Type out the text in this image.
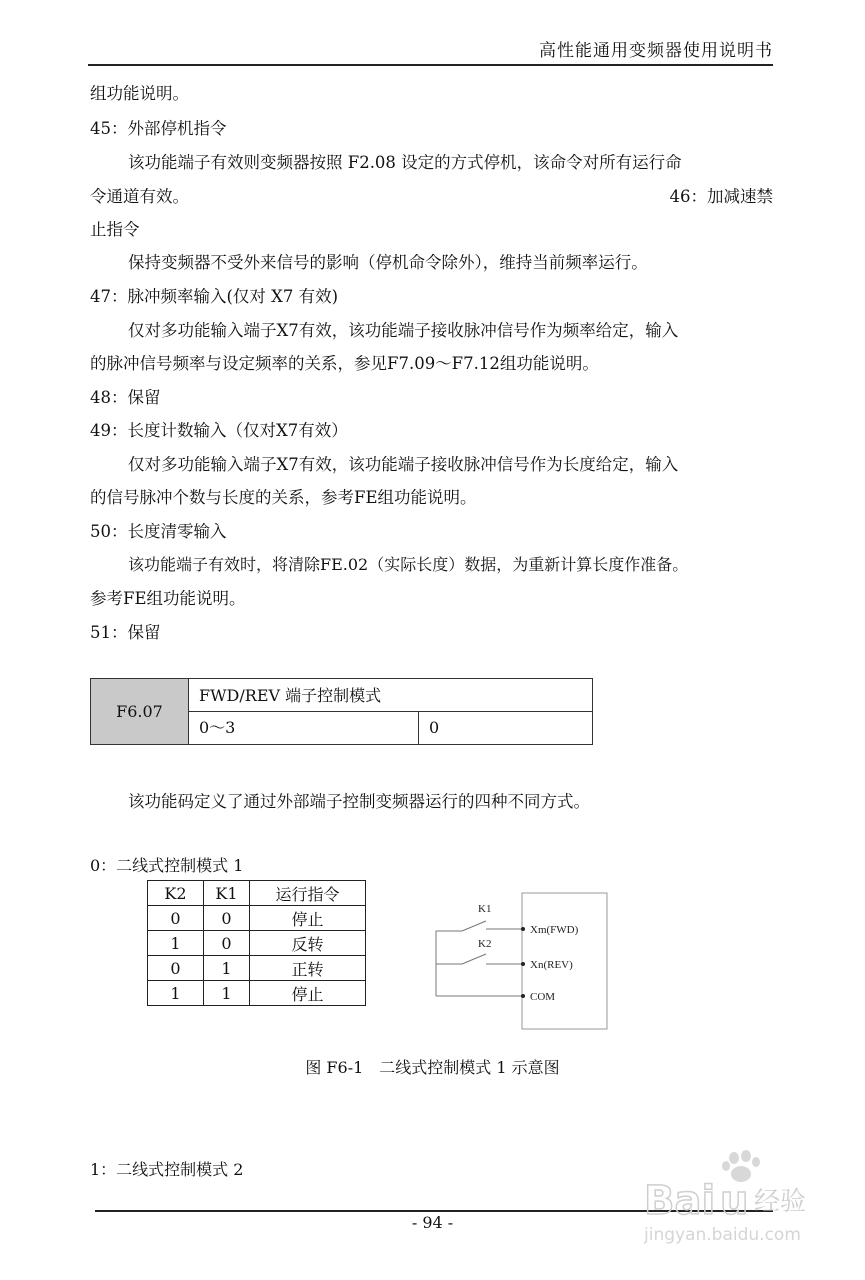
高性能通用变频器使用说明书
组功能说明。
45：外部停机指令
该功能端子有效则变频器按照 F2.08 设定的方式停机，该命令对所有运行命
令通道有效。	46：加减速禁
止指令
保持变频器不受外来信号的影响（停机命令除外），维持当前频率运行。
47：脉冲频率输入(仅对 X7 有效)
仅对多功能输入端子X7有效，该功能端子接收脉冲信号作为频率给定，输入
的脉冲信号频率与设定频率的关系，参见F7.09～F7.12组功能说明。
48：保留
49：长度计数输入（仅对X7有效）
仅对多功能输入端子X7有效，该功能端子接收脉冲信号作为长度给定，输入
的信号脉冲个数与长度的关系，参考FE组功能说明。
50：长度清零输入
该功能端子有效时，将清除FE.02（实际长度）数据，为重新计算长度作准备。
参考FE组功能说明。
51：保留
F6.07
FWD/REV 端子控制模式
0～3	0
该功能码定义了通过外部端子控制变频器运行的四种不同方式。
0：二线式控制模式 1
K2	K1	运行指令
0	0	停止
1	0	反转
0	1	正转
1	1	停止
K1
K2
Xm(FWD)
Xn(REV)
COM
图 F6-1　二线式控制模式 1 示意图
1：二线式控制模式 2
- 94 -	Bai u 经验
jingyan.baidu.com
